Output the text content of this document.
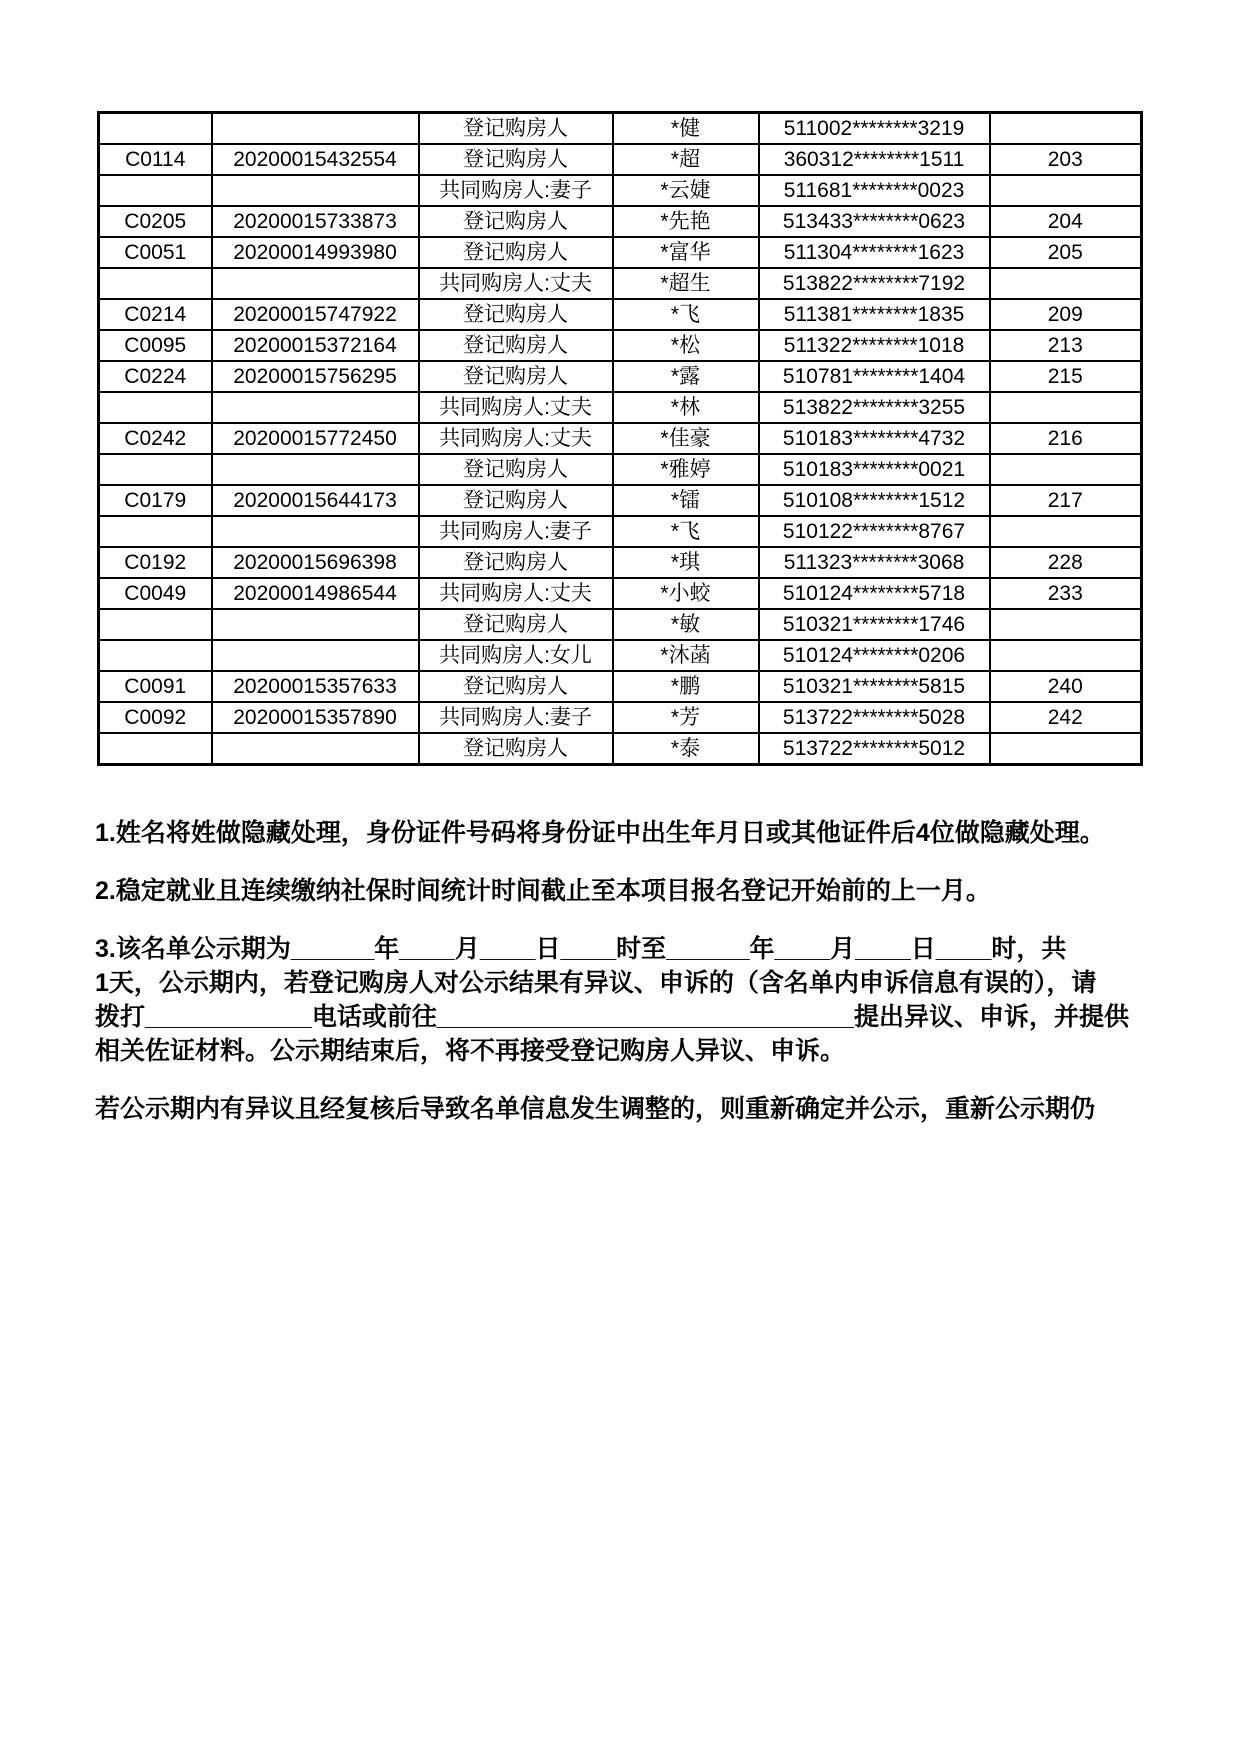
		登记购房人	*健	511002********3219	
C0114	20200015432554	登记购房人	*超	360312********1511	203
		共同购房人:妻子	*云婕	511681********0023	
C0205	20200015733873	登记购房人	*先艳	513433********0623	204
C0051	20200014993980	登记购房人	*富华	511304********1623	205
		共同购房人:丈夫	*超生	513822********7192	
C0214	20200015747922	登记购房人	*飞	511381********1835	209
C0095	20200015372164	登记购房人	*松	511322********1018	213
C0224	20200015756295	登记购房人	*露	510781********1404	215
		共同购房人:丈夫	*林	513822********3255	
C0242	20200015772450	共同购房人:丈夫	*佳豪	510183********4732	216
		登记购房人	*雅婷	510183********0021	
C0179	20200015644173	登记购房人	*镭	510108********1512	217
		共同购房人:妻子	*飞	510122********8767	
C0192	20200015696398	登记购房人	*琪	511323********3068	228
C0049	20200014986544	共同购房人:丈夫	*小蛟	510124********5718	233
		登记购房人	*敏	510321********1746	
		共同购房人:女儿	*沐菡	510124********0206	
C0091	20200015357633	登记购房人	*鹏	510321********5815	240
C0092	20200015357890	共同购房人:妻子	*芳	513722********5028	242
		登记购房人	*泰	513722********5012	

1.姓名将姓做隐藏处理，身份证件号码将身份证中出生年月日或其他证件后4位做隐藏处理。

2.稳定就业且连续缴纳社保时间统计时间截止至本项目报名登记开始前的上一月。

3.该名单公示期为______年____月____日____时至______年____月____日____时，共
1天，公示期内，若登记购房人对公示结果有异议、申诉的（含名单内申诉信息有误的），请
拨打____________电话或前往______________________________提出异议、申诉，并提供
相关佐证材料。公示期结束后，将不再接受登记购房人异议、申诉。

若公示期内有异议且经复核后导致名单信息发生调整的，则重新确定并公示，重新公示期仍
